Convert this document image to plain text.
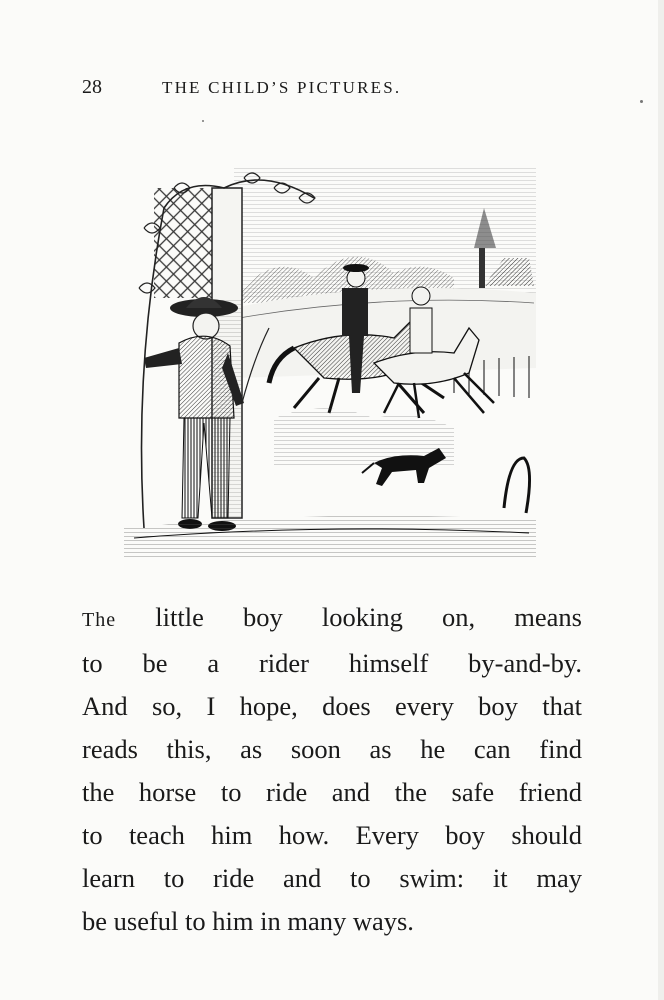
28	THE CHILD’S PICTURES.
The little boy looking on, means
to be a rider himself by-and-by.
And so, I hope, does every boy that
reads this, as soon as he can find
the horse to ride and the safe friend
to teach him how. Every boy should
learn to ride and to swim: it may
be useful to him in many ways.
